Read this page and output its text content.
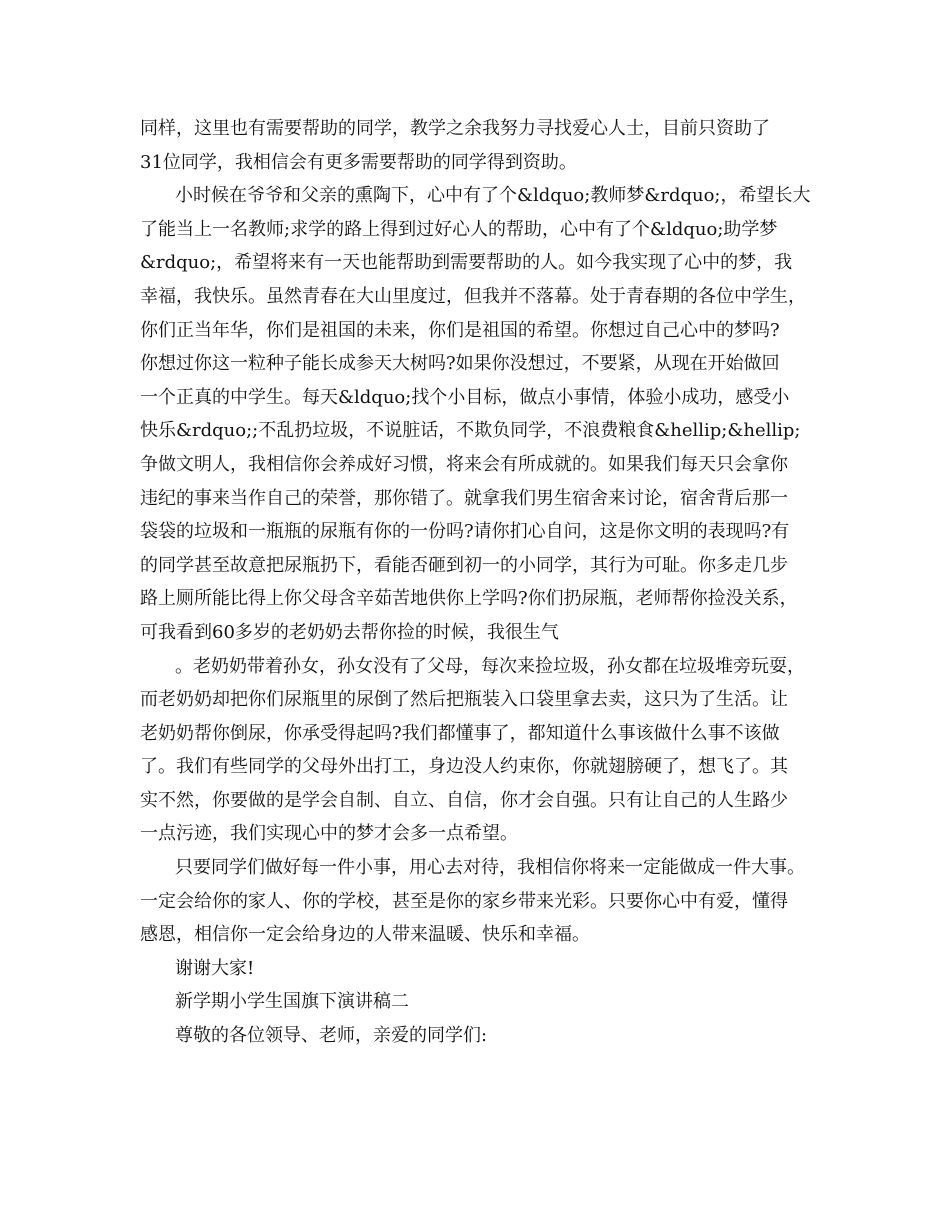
同样，这里也有需要帮助的同学，教学之余我努力寻找爱心人士，目前只资助了
31位同学，我相信会有更多需要帮助的同学得到资助。
小时候在爷爷和父亲的熏陶下，心中有了个&ldquo;教师梦&rdquo;，希望长大
了能当上一名教师;求学的路上得到过好心人的帮助，心中有了个&ldquo;助学梦
&rdquo;，希望将来有一天也能帮助到需要帮助的人。如今我实现了心中的梦，我
幸福，我快乐。虽然青春在大山里度过，但我并不落幕。处于青春期的各位中学生，
你们正当年华，你们是祖国的未来，你们是祖国的希望。你想过自己心中的梦吗?
你想过你这一粒种子能长成参天大树吗?如果你没想过，不要紧，从现在开始做回
一个正真的中学生。每天&ldquo;找个小目标，做点小事情，体验小成功，感受小
快乐&rdquo;;不乱扔垃圾，不说脏话，不欺负同学，不浪费粮食&hellip;&hellip;
争做文明人，我相信你会养成好习惯，将来会有所成就的。如果我们每天只会拿你
违纪的事来当作自己的荣誉，那你错了。就拿我们男生宿舍来讨论，宿舍背后那一
袋袋的垃圾和一瓶瓶的尿瓶有你的一份吗?请你扪心自问，这是你文明的表现吗?有
的同学甚至故意把尿瓶扔下，看能否砸到初一的小同学，其行为可耻。你多走几步
路上厕所能比得上你父母含辛茹苦地供你上学吗?你们扔尿瓶，老师帮你捡没关系，
可我看到60多岁的老奶奶去帮你捡的时候，我很生气
。老奶奶带着孙女，孙女没有了父母，每次来捡垃圾，孙女都在垃圾堆旁玩耍，
而老奶奶却把你们尿瓶里的尿倒了然后把瓶装入口袋里拿去卖，这只为了生活。让
老奶奶帮你倒尿，你承受得起吗?我们都懂事了，都知道什么事该做什么事不该做
了。我们有些同学的父母外出打工，身边没人约束你，你就翅膀硬了，想飞了。其
实不然，你要做的是学会自制、自立、自信，你才会自强。只有让自己的人生路少
一点污迹，我们实现心中的梦才会多一点希望。
只要同学们做好每一件小事，用心去对待，我相信你将来一定能做成一件大事。
一定会给你的家人、你的学校，甚至是你的家乡带来光彩。只要你心中有爱，懂得
感恩，相信你一定会给身边的人带来温暖、快乐和幸福。
谢谢大家!
新学期小学生国旗下演讲稿二
尊敬的各位领导、老师，亲爱的同学们:
